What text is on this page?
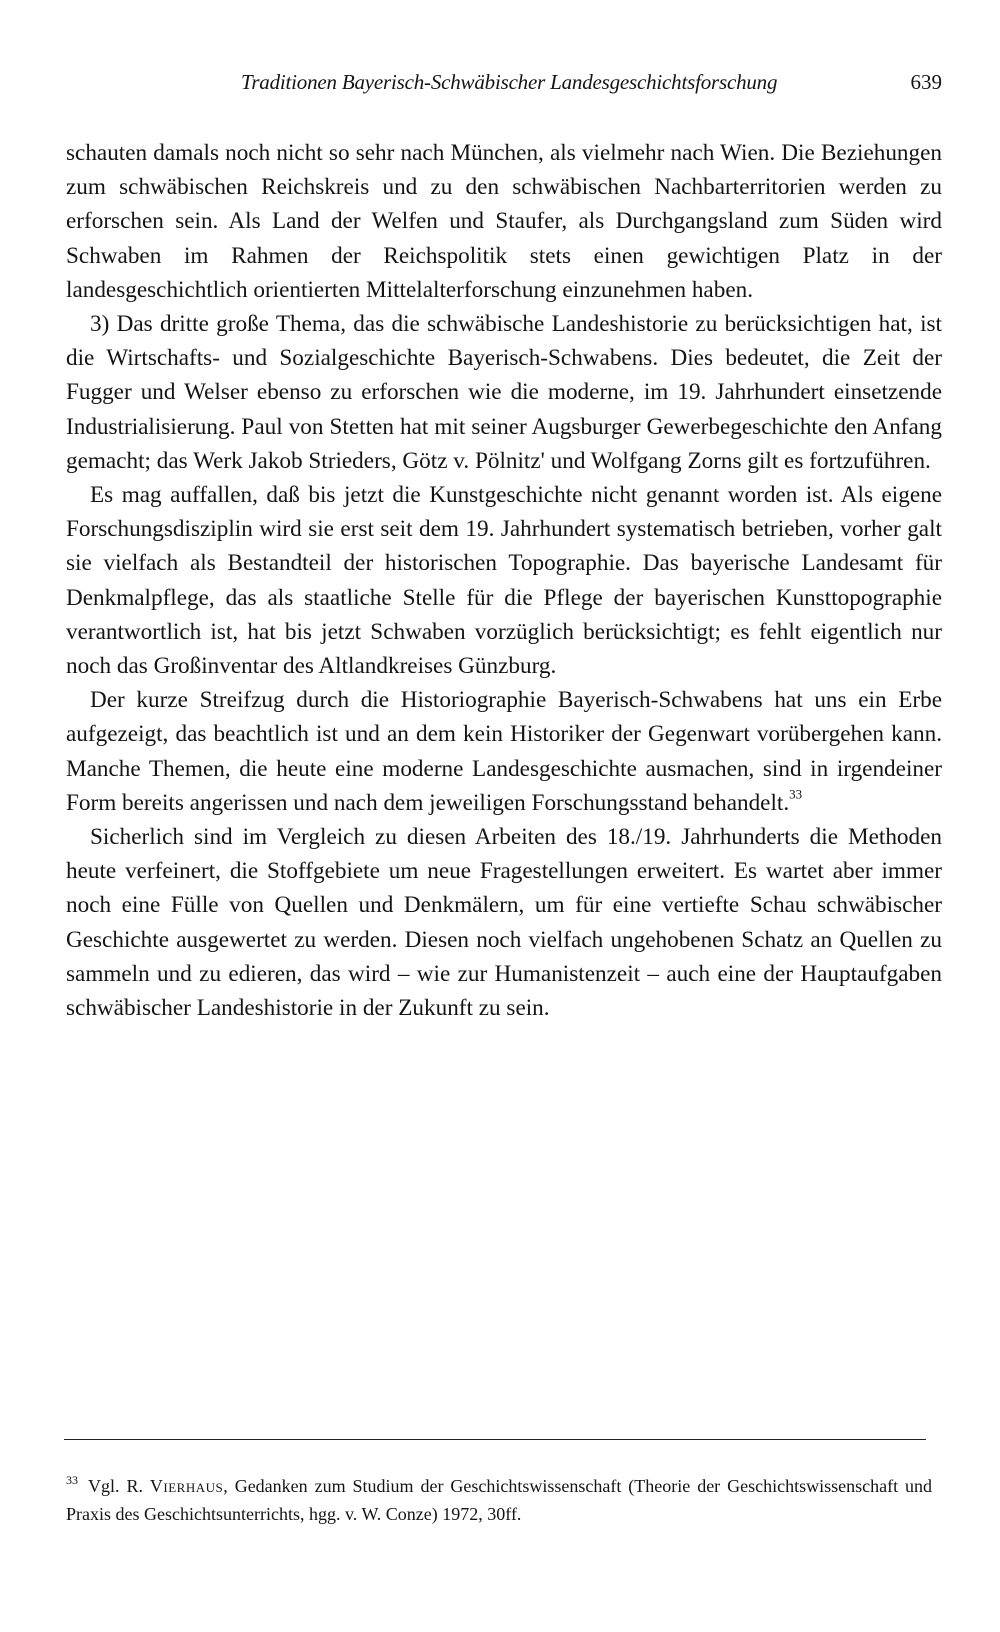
Traditionen Bayerisch-Schwäbischer Landesgeschichtsforschung	639

schauten damals noch nicht so sehr nach München, als vielmehr nach Wien. Die Beziehungen zum schwäbischen Reichskreis und zu den schwäbischen Nachbarterritorien werden zu erforschen sein. Als Land der Welfen und Staufer, als Durchgangsland zum Süden wird Schwaben im Rahmen der Reichspolitik stets einen gewichtigen Platz in der landesgeschichtlich orientierten Mittelalterforschung einzunehmen haben.

3) Das dritte große Thema, das die schwäbische Landeshistorie zu berücksichtigen hat, ist die Wirtschafts- und Sozialgeschichte Bayerisch-Schwabens. Dies bedeutet, die Zeit der Fugger und Welser ebenso zu erforschen wie die moderne, im 19. Jahrhundert einsetzende Industrialisierung. Paul von Stetten hat mit seiner Augsburger Gewerbegeschichte den Anfang gemacht; das Werk Jakob Strieders, Götz v. Pölnitz' und Wolfgang Zorns gilt es fortzuführen.

Es mag auffallen, daß bis jetzt die Kunstgeschichte nicht genannt worden ist. Als eigene Forschungsdisziplin wird sie erst seit dem 19. Jahrhundert systematisch betrieben, vorher galt sie vielfach als Bestandteil der historischen Topographie. Das bayerische Landesamt für Denkmalpflege, das als staatliche Stelle für die Pflege der bayerischen Kunsttopographie verantwortlich ist, hat bis jetzt Schwaben vorzüglich berücksichtigt; es fehlt eigentlich nur noch das Großinventar des Altlandkreises Günzburg.

Der kurze Streifzug durch die Historiographie Bayerisch-Schwabens hat uns ein Erbe aufgezeigt, das beachtlich ist und an dem kein Historiker der Gegenwart vorübergehen kann. Manche Themen, die heute eine moderne Landesgeschichte ausmachen, sind in irgendeiner Form bereits angerissen und nach dem jeweiligen Forschungsstand behandelt.$^{33}$

Sicherlich sind im Vergleich zu diesen Arbeiten des 18./19. Jahrhunderts die Methoden heute verfeinert, die Stoffgebiete um neue Fragestellungen erweitert. Es wartet aber immer noch eine Fülle von Quellen und Denkmälern, um für eine vertiefte Schau schwäbischer Geschichte ausgewertet zu werden. Diesen noch vielfach ungehobenen Schatz an Quellen zu sammeln und zu edieren, das wird – wie zur Humanistenzeit – auch eine der Hauptaufgaben schwäbischer Landeshistorie in der Zukunft zu sein.

$^{33}$ Vgl. R. Vierhaus, Gedanken zum Studium der Geschichtswissenschaft (Theorie der Geschichtswissenschaft und Praxis des Geschichtsunterrichts, hgg. v. W. Conze) 1972, 30ff.
